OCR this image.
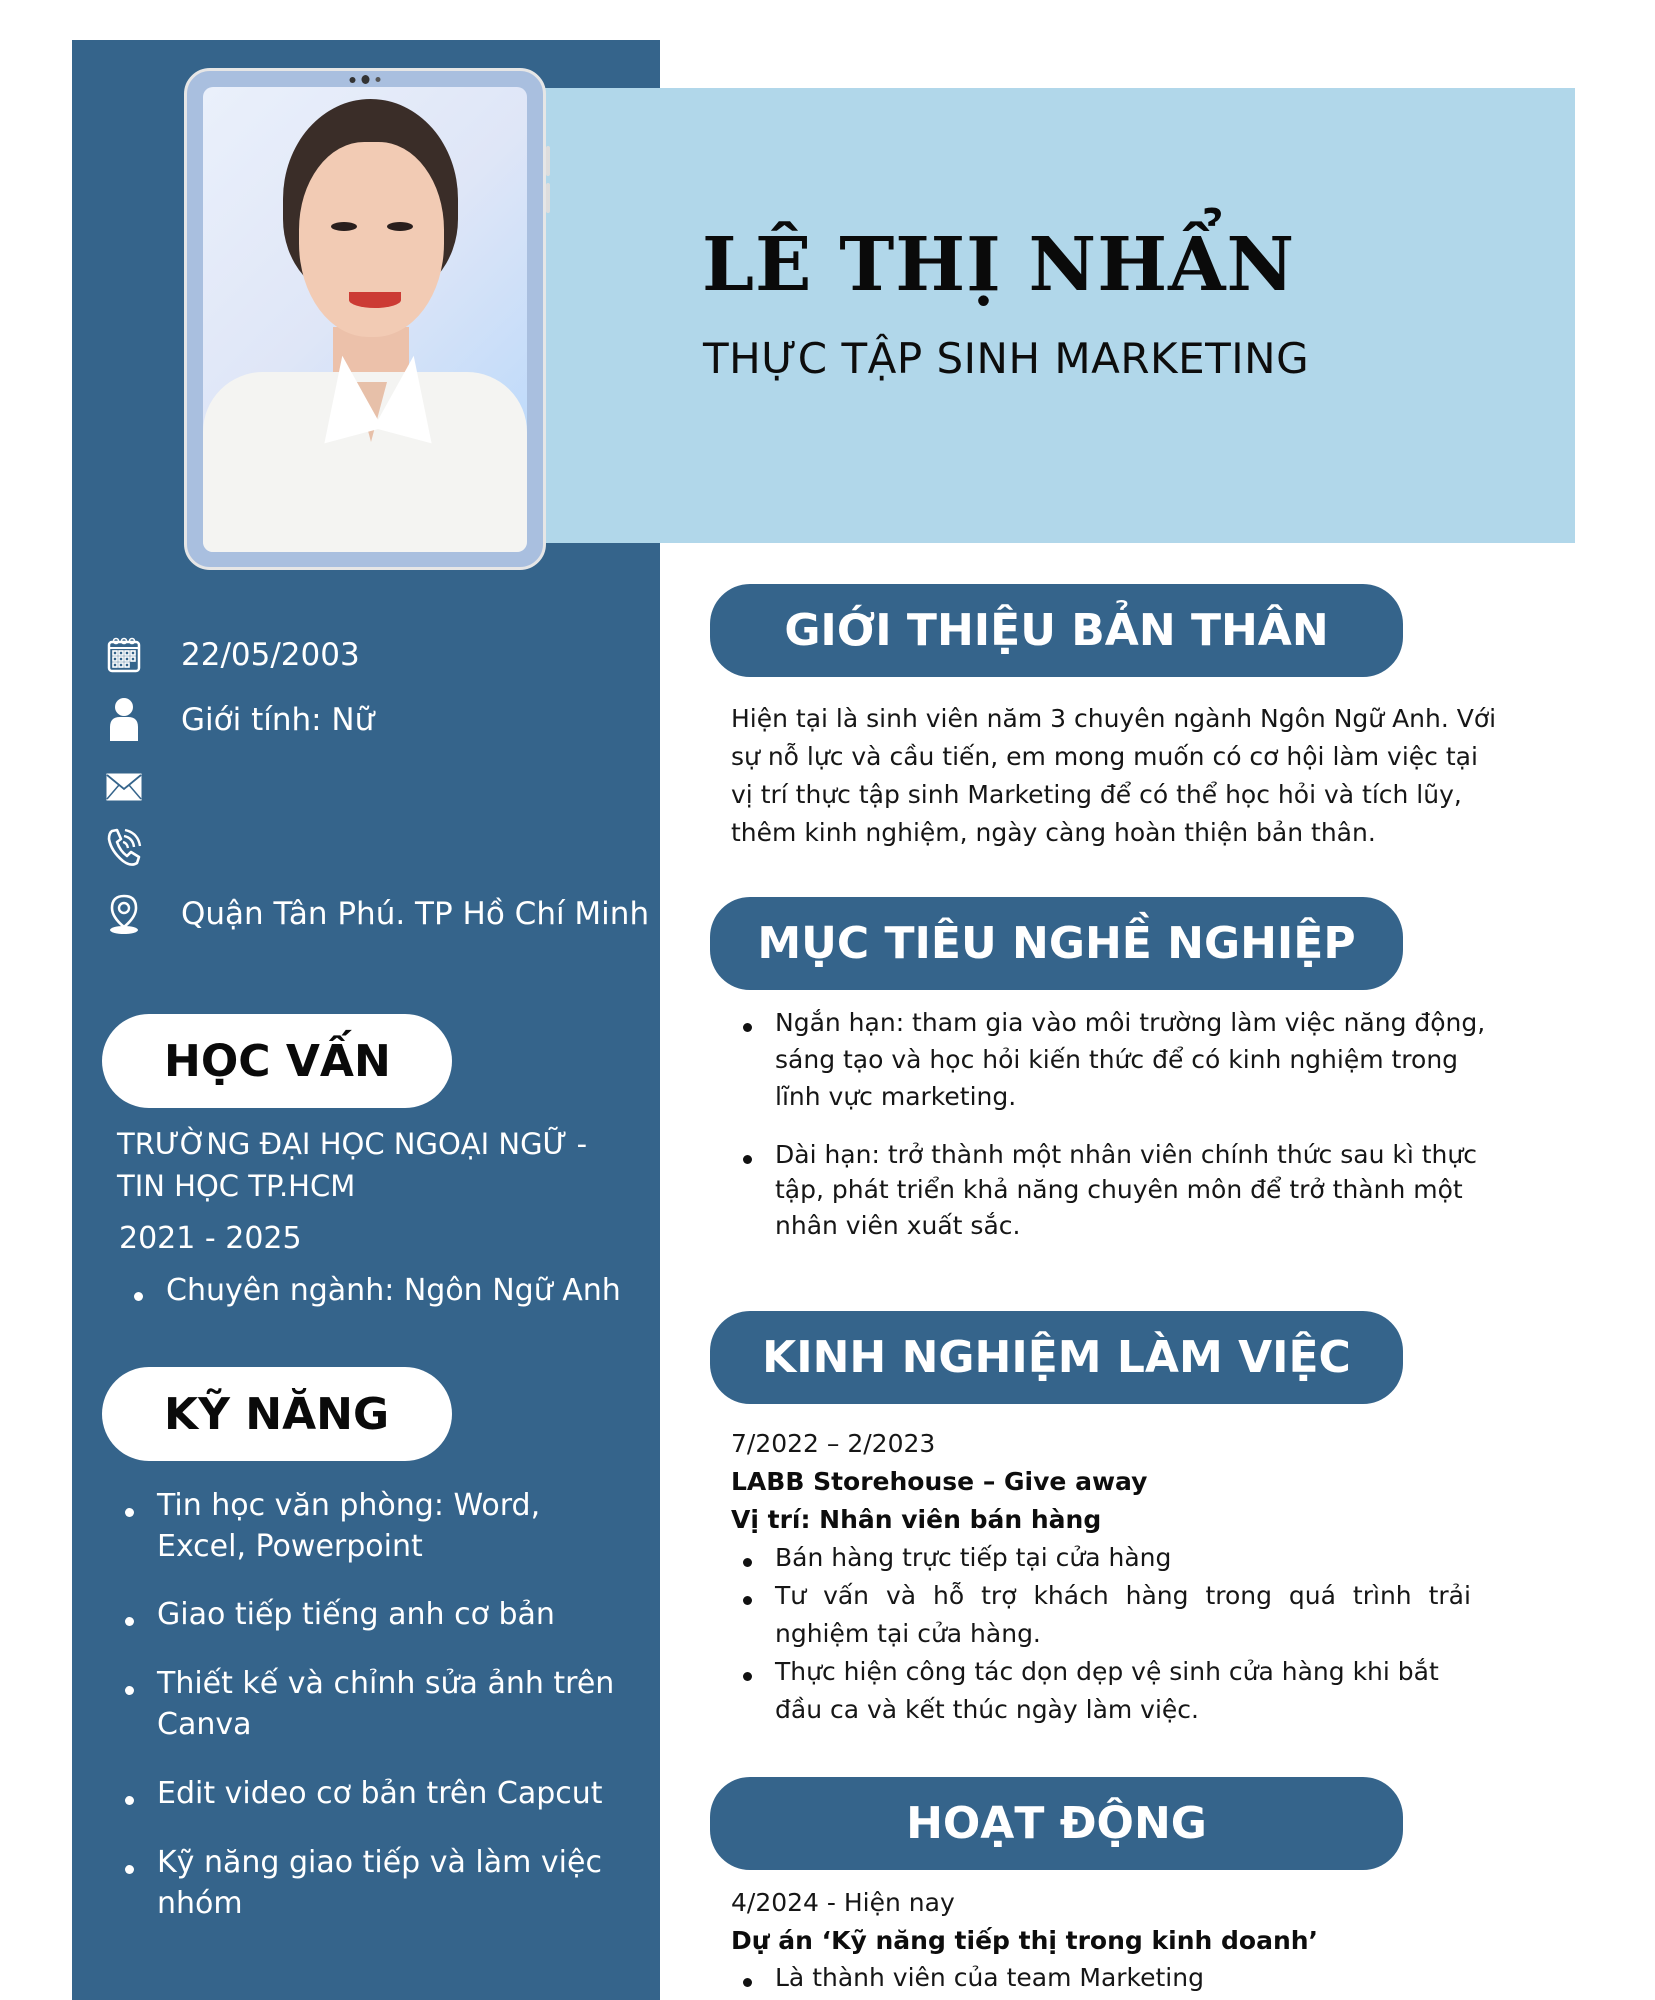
LÊ THỊ NHẨN
THỰC TẬP SINH MARKETING
22/05/2003
Giới tính: Nữ
Quận Tân Phú. TP Hồ Chí Minh
HỌC VẤN
TRƯỜNG ĐẠI HỌC NGOẠI NGỮ -
TIN HỌC TP.HCM
2021 - 2025
Chuyên ngành: Ngôn Ngữ Anh
KỸ NĂNG
Tin học văn phòng: Word,
Excel, Powerpoint
Giao tiếp tiếng anh cơ bản
Thiết kế và chỉnh sửa ảnh trên
Canva
Edit video cơ bản trên Capcut
Kỹ năng giao tiếp và làm việc
nhóm
GIỚI THIỆU BẢN THÂN
Hiện tại là sinh viên năm 3 chuyên ngành Ngôn Ngữ Anh. Với
sự nỗ lực và cầu tiến, em mong muốn có cơ hội làm việc tại
vị trí thực tập sinh Marketing để có thể học hỏi và tích lũy,
thêm kinh nghiệm, ngày càng hoàn thiện bản thân.
MỤC TIÊU NGHỀ NGHIỆP
Ngắn hạn: tham gia vào môi trường làm việc năng động,
sáng tạo và học hỏi kiến thức để có kinh nghiệm trong
lĩnh vực marketing.
Dài hạn: trở thành một nhân viên chính thức sau kì thực
tập, phát triển khả năng chuyên môn để trở thành một
nhân viên xuất sắc.
KINH NGHIỆM LÀM VIỆC
7/2022 – 2/2023
LABB Storehouse – Give away
Vị trí: Nhân viên bán hàng
Bán hàng trực tiếp tại cửa hàng
Tư vấn và hỗ trợ khách hàng trong quá trình trải
nghiệm tại cửa hàng.
Thực hiện công tác dọn dẹp vệ sinh cửa hàng khi bắt
đầu ca và kết thúc ngày làm việc.
HOẠT ĐỘNG
4/2024 - Hiện nay
Dự án ‘Kỹ năng tiếp thị trong kinh doanh’
Là thành viên của team Marketing
